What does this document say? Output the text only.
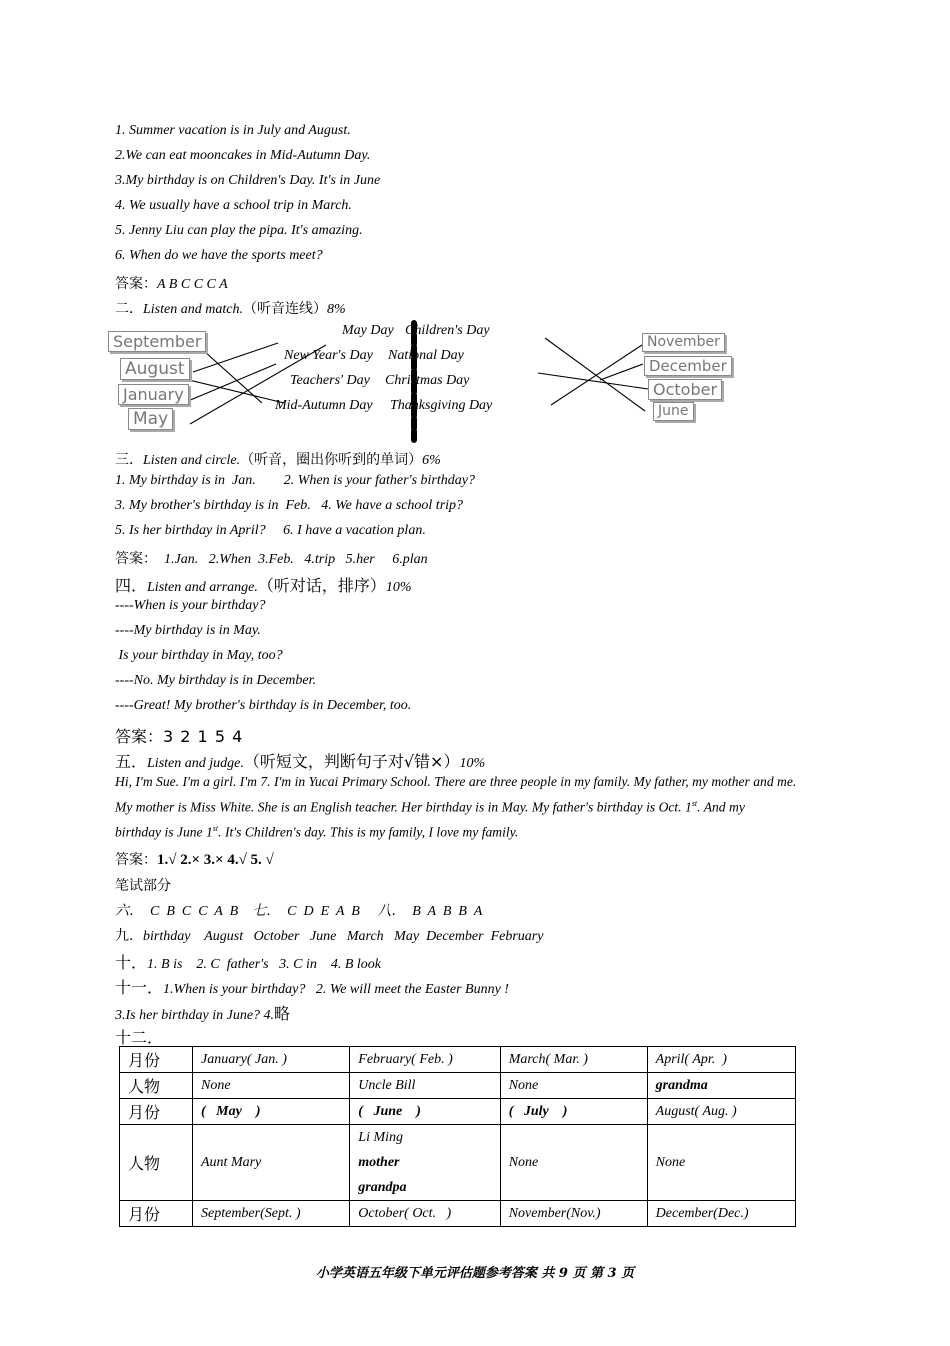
1. Summer vacation is in July and August.
2.We can eat mooncakes in Mid-Autumn Day.
3.My birthday is on Children's Day. It's in June
4. We usually have a school trip in March.
5. Jenny Liu can play the pipa. It's amazing.
6. When do we have the sports meet?
答案：A B C C C A
二．Listen and match.（听音连线）8%
September
August
January
May
May Day
New Year's Day
Teachers' Day
Mid-Autumn Day
Children's Day
National Day
Christmas Day
Thanksgiving Day
November
December
October
June
三．Listen and circle.（听音，圈出你听到的单词）6%
1. My birthday is in  Jan.        2. When is your father's birthday?
3. My brother's birthday is in  Feb.   4. We have a school trip?
5. Is her birthday in April?     6. I have a vacation plan.
答案：  1.Jan.   2.When  3.Feb.   4.trip   5.her     6.plan
四．Listen and arrange.（听对话，排序）10%
----When is your birthday?
----My birthday is in May.
Is your birthday in May, too?
----No. My birthday is in December.
----Great! My brother's birthday is in December, too.
答案：3 2 1 5 4
五．Listen and judge.（听短文，判断句子对√错×）10%
Hi, I'm Sue. I'm a girl. I'm 7. I'm in Yucai Primary School. There are three people in my family. My father, my mother and me.
My mother is Miss White. She is an English teacher. Her birthday is in May. My father's birthday is Oct. 1st. And my
birthday is June 1st. It's Children's day. This is my family, I love my family.
答案：1.√ 2.× 3.× 4.√ 5. √
笔试部分
六．  C  B  C  C  A  B    七．  C  D  E  A  B     八．  B  A  B  B  A
九．birthday    August   October   June   March   May  December  February
十．1. B is    2. C  father's   3. C in    4. B look
十一．1.When is your birthday?   2. We will meet the Easter Bunny !
3.Is her birthday in June? 4.略
十二．
月份	January( Jan. )	February( Feb. )	March( Mar. )	April( Apr.  )
人物	None	Uncle Bill	None	grandma
月份	(   May    )	(   June    )	(   July    )	August( Aug. )
人物	Aunt Mary	Li Ming
mother
grandpa	None	None
月份	September(Sept. )	October( Oct.   )	November(Nov.)	December(Dec.)
小学英语五年级下单元评估题参考答案 共 9 页 第 3 页
